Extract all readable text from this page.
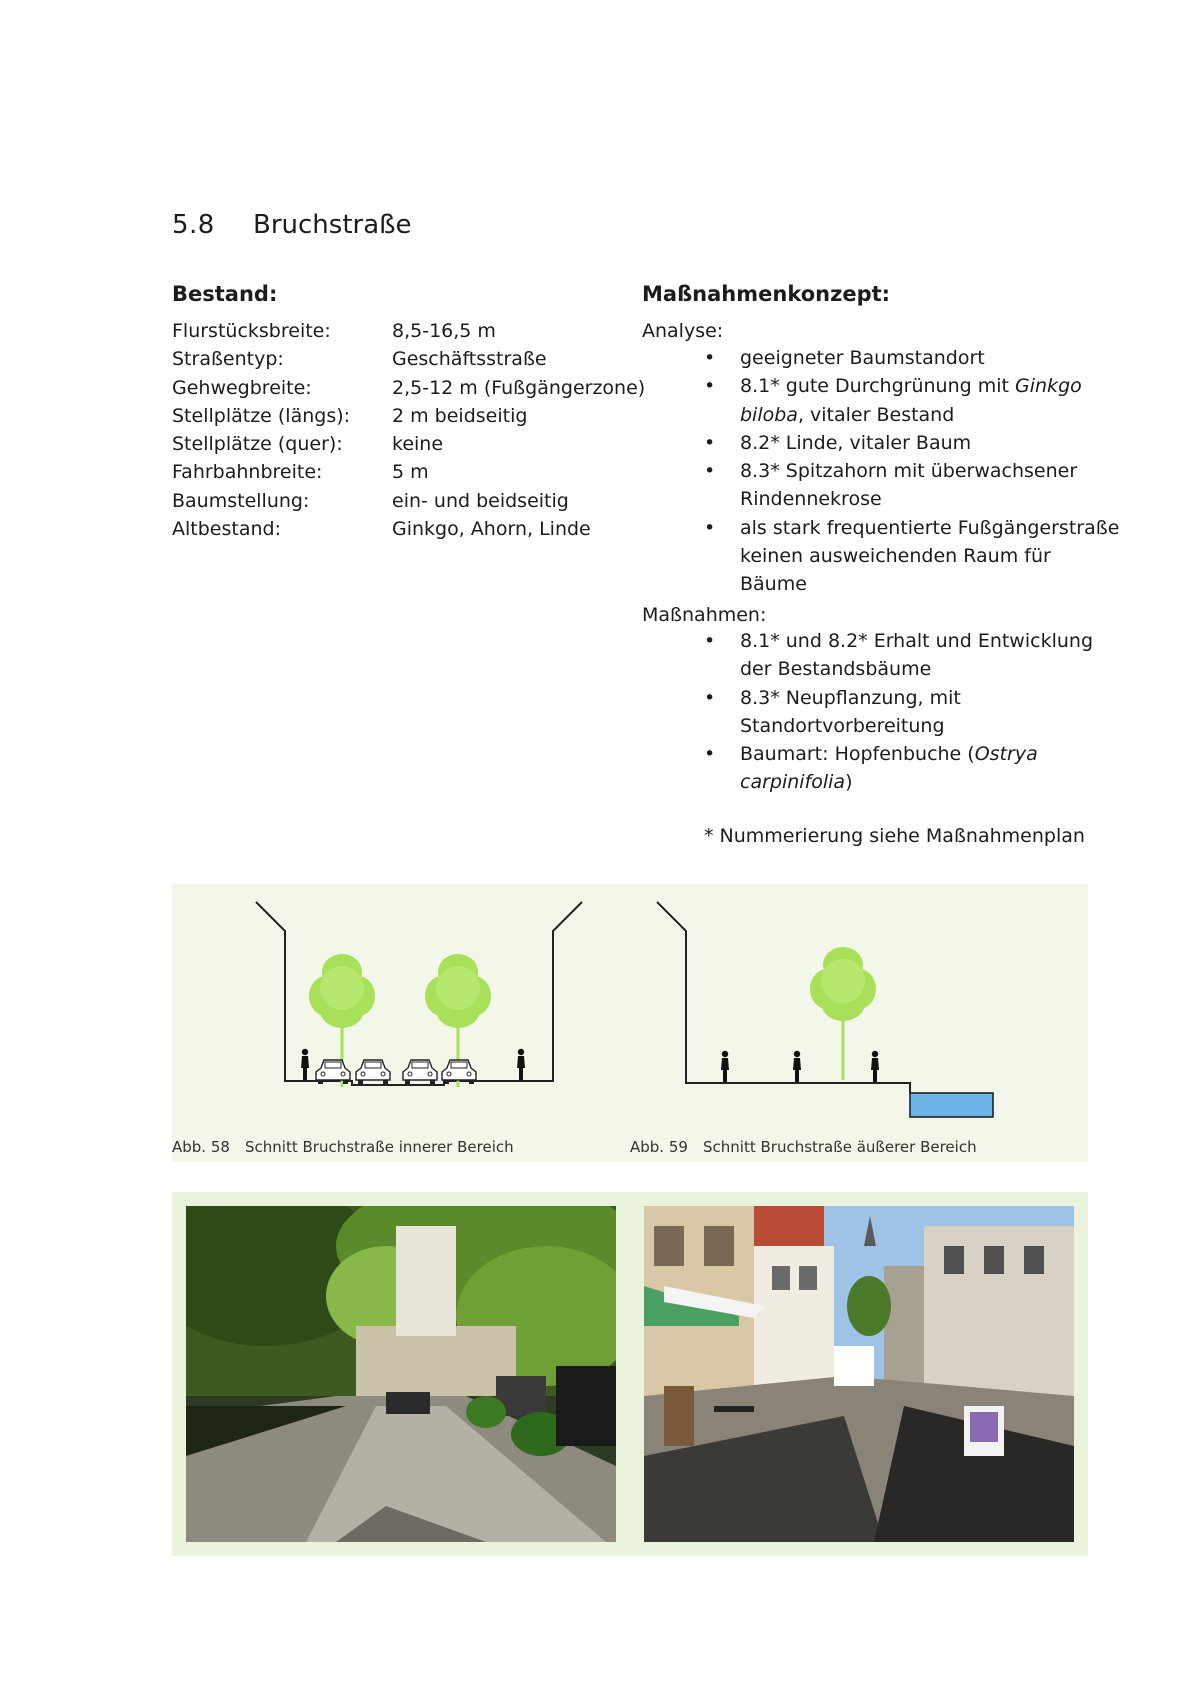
5.8 Bruchstraße
Bestand:
Flurstücksbreite:	8,5-16,5 m
Straßentyp:	Geschäftsstraße
Gehwegbreite:	2,5-12 m (Fußgängerzone)
Stellplätze (längs): 2 m beidseitig
Stellplätze (quer):	keine
Fahrbahnbreite:	5 m
Baumstellung:	ein- und beidseitig
Altbestand:	Ginkgo, Ahorn, Linde
Maßnahmenkonzept:
Analyse:
• geeigneter Baumstandort
• 8.1* gute Durchgrünung mit Ginkgo biloba, vitaler Bestand
• 8.2* Linde, vitaler Baum
• 8.3* Spitzahorn mit überwachsener Rindennekrose
• als stark frequentierte Fußgängerstraße keinen ausweichenden Raum für Bäume
Maßnahmen:
• 8.1* und 8.2* Erhalt und Entwicklung der Bestandsbäume
• 8.3* Neupflanzung, mit Standortvorbereitung
• Baumart: Hopfenbuche (Ostrya carpinifolia)
* Nummerierung siehe Maßnahmenplan
Abb. 58 Schnitt Bruchstraße innerer Bereich	Abb. 59 Schnitt Bruchstraße äußerer Bereich
